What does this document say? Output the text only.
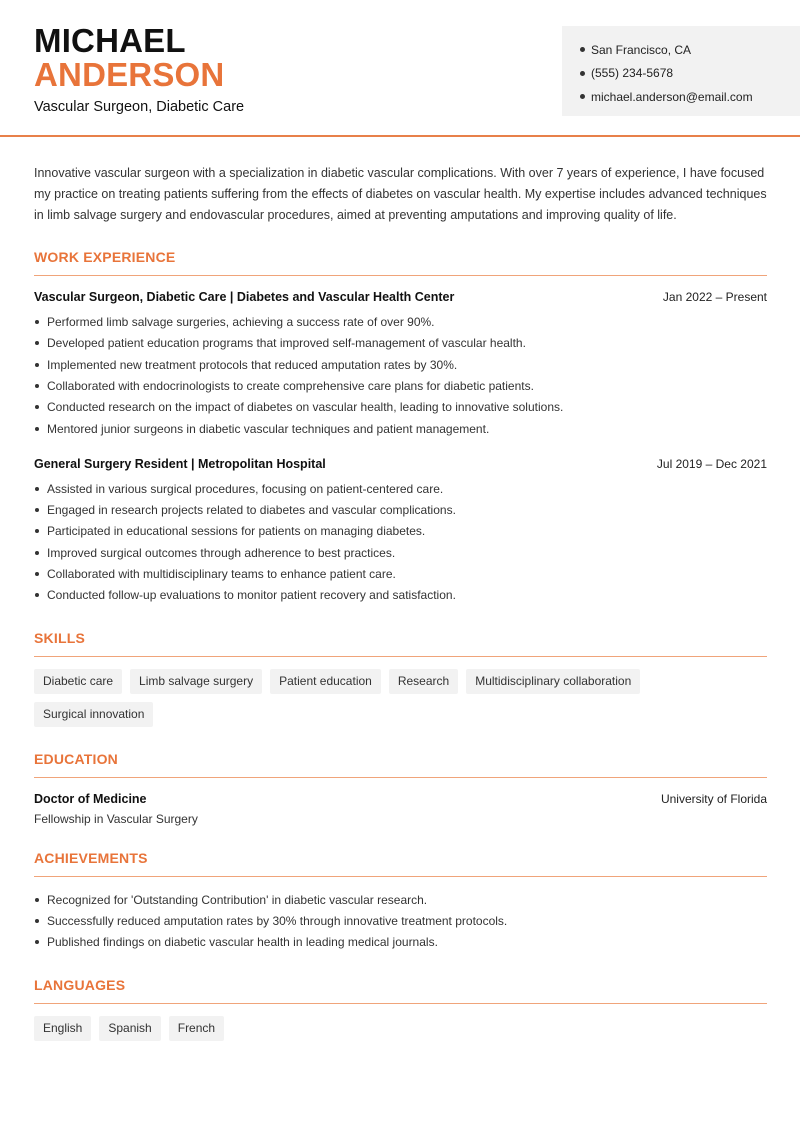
MICHAEL
ANDERSON
Vascular Surgeon, Diabetic Care
San Francisco, CA
(555) 234-5678
michael.anderson@email.com

Innovative vascular surgeon with a specialization in diabetic vascular complications. With over 7 years of experience, I have focused my practice on treating patients suffering from the effects of diabetes on vascular health. My expertise includes advanced techniques in limb salvage surgery and endovascular procedures, aimed at preventing amputations and improving quality of life.

WORK EXPERIENCE
Vascular Surgeon, Diabetic Care | Diabetes and Vascular Health Center	Jan 2022 – Present
Performed limb salvage surgeries, achieving a success rate of over 90%.
Developed patient education programs that improved self-management of vascular health.
Implemented new treatment protocols that reduced amputation rates by 30%.
Collaborated with endocrinologists to create comprehensive care plans for diabetic patients.
Conducted research on the impact of diabetes on vascular health, leading to innovative solutions.
Mentored junior surgeons in diabetic vascular techniques and patient management.
General Surgery Resident | Metropolitan Hospital	Jul 2019 – Dec 2021
Assisted in various surgical procedures, focusing on patient-centered care.
Engaged in research projects related to diabetes and vascular complications.
Participated in educational sessions for patients on managing diabetes.
Improved surgical outcomes through adherence to best practices.
Collaborated with multidisciplinary teams to enhance patient care.
Conducted follow-up evaluations to monitor patient recovery and satisfaction.
SKILLS
Diabetic care	Limb salvage surgery	Patient education	Research	Multidisciplinary collaboration
Surgical innovation
EDUCATION
Doctor of Medicine	University of Florida
Fellowship in Vascular Surgery
ACHIEVEMENTS
Recognized for 'Outstanding Contribution' in diabetic vascular research.
Successfully reduced amputation rates by 30% through innovative treatment protocols.
Published findings on diabetic vascular health in leading medical journals.
LANGUAGES
English	Spanish	French
